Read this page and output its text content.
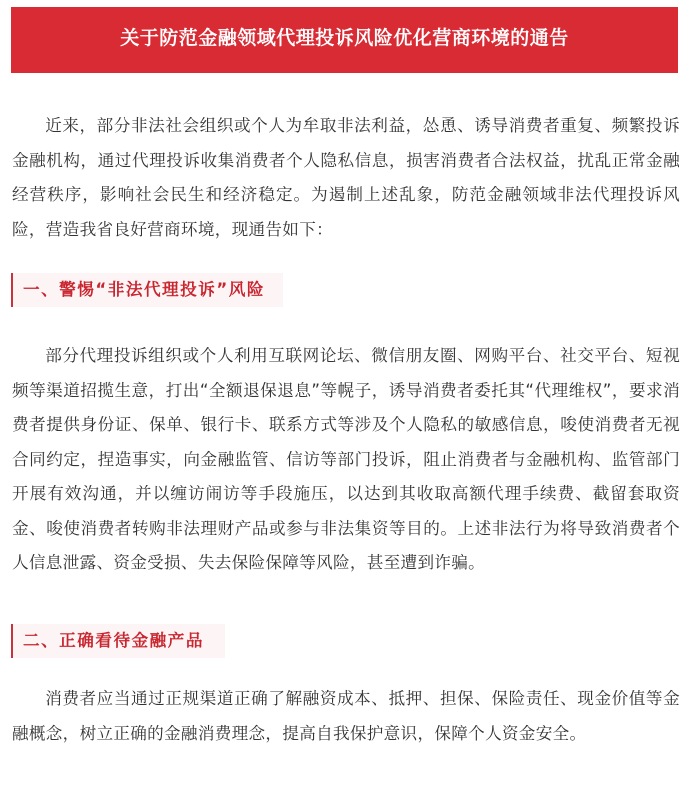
关于防范金融领域代理投诉风险优化营商环境的通告

近来，部分非法社会组织或个人为牟取非法利益，怂恿、诱导消费者重复、频繁投诉金融机构，通过代理投诉收集消费者个人隐私信息，损害消费者合法权益，扰乱正常金融经营秩序，影响社会民生和经济稳定。为遏制上述乱象，防范金融领域非法代理投诉风险，营造我省良好营商环境，现通告如下：

一、警惕“非法代理投诉”风险

部分代理投诉组织或个人利用互联网论坛、微信朋友圈、网购平台、社交平台、短视频等渠道招揽生意，打出“全额退保退息”等幌子，诱导消费者委托其“代理维权”，要求消费者提供身份证、保单、银行卡、联系方式等涉及个人隐私的敏感信息，唆使消费者无视合同约定，捏造事实，向金融监管、信访等部门投诉，阻止消费者与金融机构、监管部门开展有效沟通，并以缠访闹访等手段施压，以达到其收取高额代理手续费、截留套取资金、唆使消费者转购非法理财产品或参与非法集资等目的。上述非法行为将导致消费者个人信息泄露、资金受损、失去保险保障等风险，甚至遭到诈骗。

二、正确看待金融产品

消费者应当通过正规渠道正确了解融资成本、抵押、担保、保险责任、现金价值等金融概念，树立正确的金融消费理念，提高自我保护意识，保障个人资金安全。
